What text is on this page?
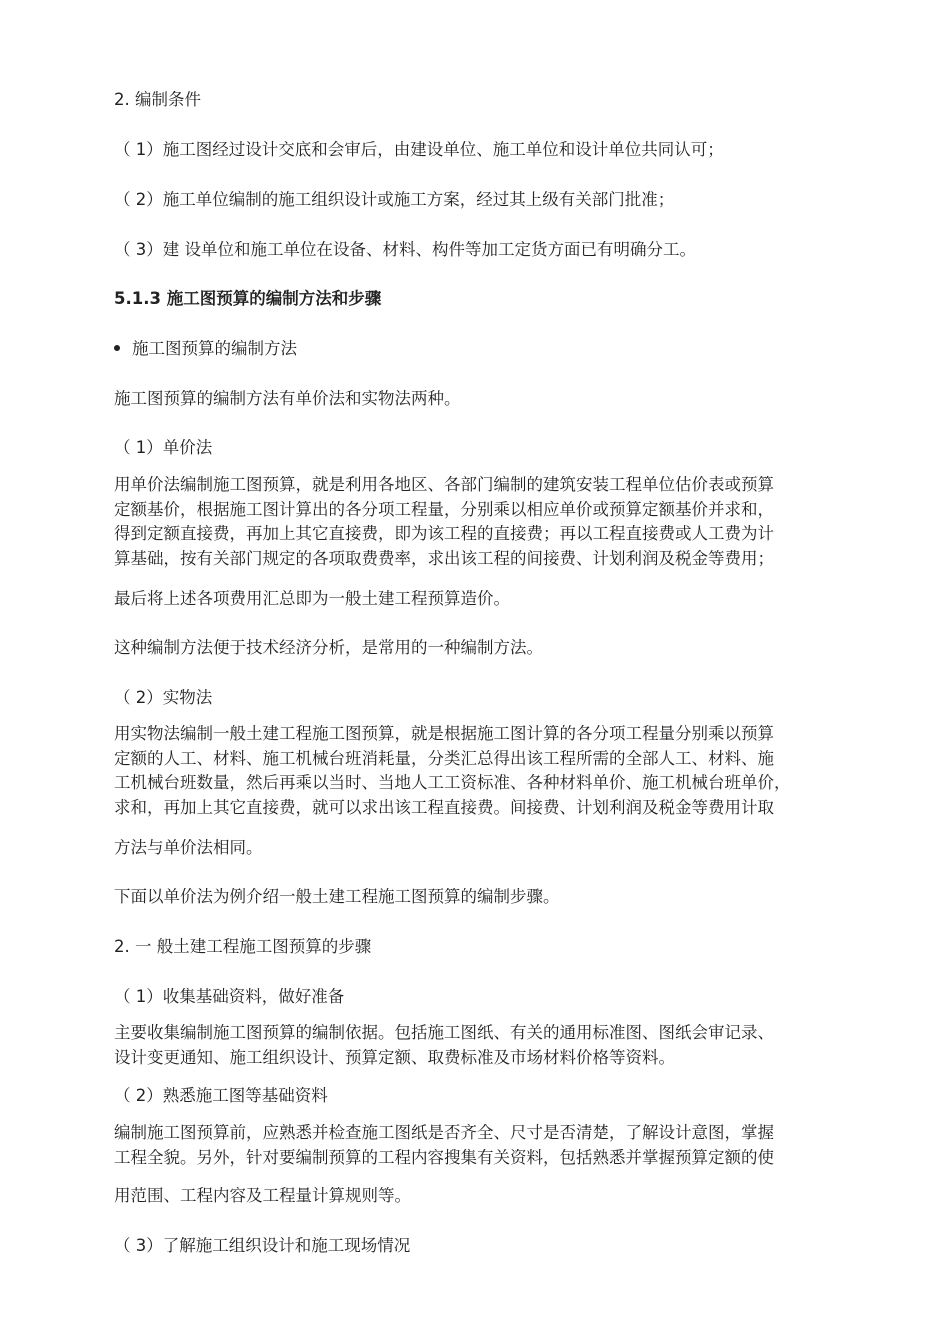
2. 编制条件
（ 1）施工图经过设计交底和会审后，由建设单位、施工单位和设计单位共同认可；
（ 2）施工单位编制的施工组织设计或施工方案，经过其上级有关部门批准；
（ 3）建 设单位和施工单位在设备、材料、构件等加工定货方面已有明确分工。
5.1.3 施工图预算的编制方法和步骤
施工图预算的编制方法
施工图预算的编制方法有单价法和实物法两种。
（ 1）单价法
用单价法编制施工图预算，就是利用各地区、各部门编制的建筑安装工程单位估价表或预算
定额基价，根据施工图计算出的各分项工程量，分别乘以相应单价或预算定额基价并求和，
得到定额直接费，再加上其它直接费，即为该工程的直接费；再以工程直接费或人工费为计
算基础，按有关部门规定的各项取费费率，求出该工程的间接费、计划利润及税金等费用；
最后将上述各项费用汇总即为一般土建工程预算造价。
这种编制方法便于技术经济分析，是常用的一种编制方法。
（ 2）实物法
用实物法编制一般土建工程施工图预算，就是根据施工图计算的各分项工程量分别乘以预算
定额的人工、材料、施工机械台班消耗量，分类汇总得出该工程所需的全部人工、材料、施
工机械台班数量，然后再乘以当时、当地人工工资标准、各种材料单价、施工机械台班单价，
求和，再加上其它直接费，就可以求出该工程直接费。间接费、计划利润及税金等费用计取
方法与单价法相同。
下面以单价法为例介绍一般土建工程施工图预算的编制步骤。
2. 一 般土建工程施工图预算的步骤
（ 1）收集基础资料，做好准备
主要收集编制施工图预算的编制依据。包括施工图纸、有关的通用标准图、图纸会审记录、
设计变更通知、施工组织设计、预算定额、取费标准及市场材料价格等资料。
（ 2）熟悉施工图等基础资料
编制施工图预算前，应熟悉并检查施工图纸是否齐全、尺寸是否清楚，了解设计意图，掌握
工程全貌。另外，针对要编制预算的工程内容搜集有关资料，包括熟悉并掌握预算定额的使
用范围、工程内容及工程量计算规则等。
（ 3）了解施工组织设计和施工现场情况
